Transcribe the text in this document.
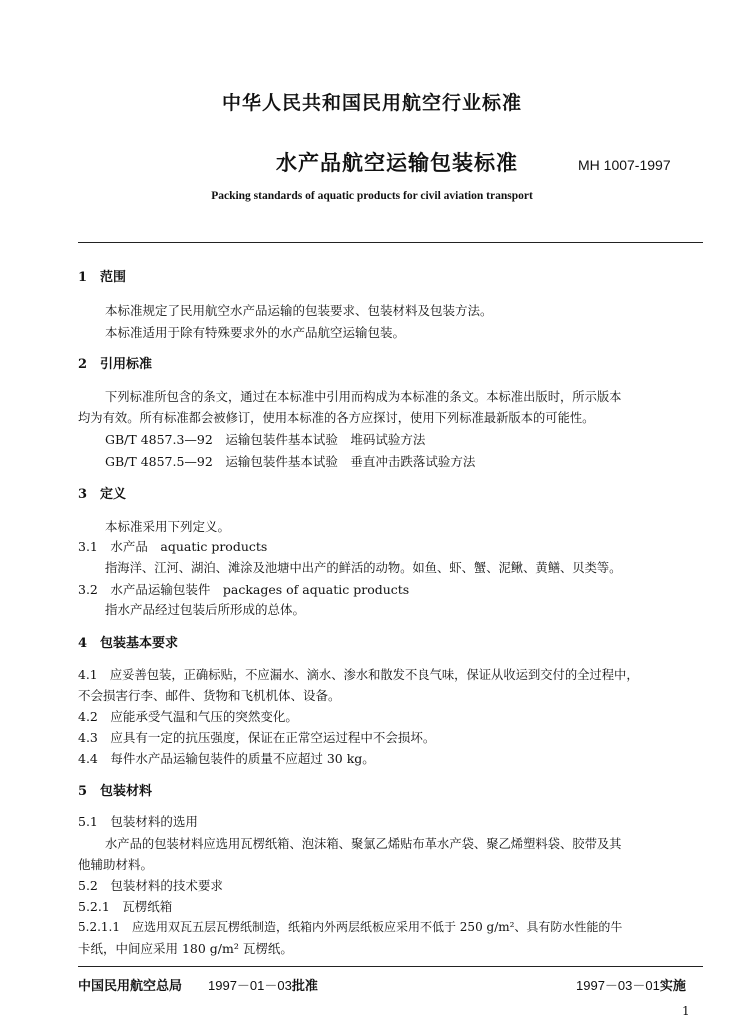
中华人民共和国民用航空行业标准
水产品航空运输包装标准	MH 1007-1997
Packing standards of aquatic products for civil aviation transport
1　范围
本标准规定了民用航空水产品运输的包装要求、包装材料及包装方法。
本标准适用于除有特殊要求外的水产品航空运输包装。
2　引用标准
下列标准所包含的条文，通过在本标准中引用而构成为本标准的条文。本标准出版时，所示版本
均为有效。所有标准都会被修订，使用本标准的各方应探讨，使用下列标准最新版本的可能性。
GB/T 4857.3—92　运输包装件基本试验　堆码试验方法
GB/T 4857.5—92　运输包装件基本试验　垂直冲击跌落试验方法
3　定义
本标准采用下列定义。
3.1　水产品　aquatic products
指海洋、江河、湖泊、滩涂及池塘中出产的鲜活的动物。如鱼、虾、蟹、泥鳅、黄鳝、贝类等。
3.2　水产品运输包装件　packages of aquatic products
指水产品经过包装后所形成的总体。
4　包装基本要求
4.1　应妥善包装，正确标贴，不应漏水、滴水、渗水和散发不良气味，保证从收运到交付的全过程中，
不会损害行李、邮件、货物和飞机机体、设备。
4.2　应能承受气温和气压的突然变化。
4.3　应具有一定的抗压强度，保证在正常空运过程中不会损坏。
4.4　每件水产品运输包装件的质量不应超过 30 kg。
5　包装材料
5.1　包装材料的选用
水产品的包装材料应选用瓦楞纸箱、泡沫箱、聚氯乙烯贴布革水产袋、聚乙烯塑料袋、胶带及其
他辅助材料。
5.2　包装材料的技术要求
5.2.1　瓦楞纸箱
5.2.1.1　应选用双瓦五层瓦楞纸制造，纸箱内外两层纸板应采用不低于 250 g/m²、具有防水性能的牛
卡纸，中间应采用 180 g/m² 瓦楞纸。
中国民用航空总局 1997－01－03批准	1997－03－01实施
1
